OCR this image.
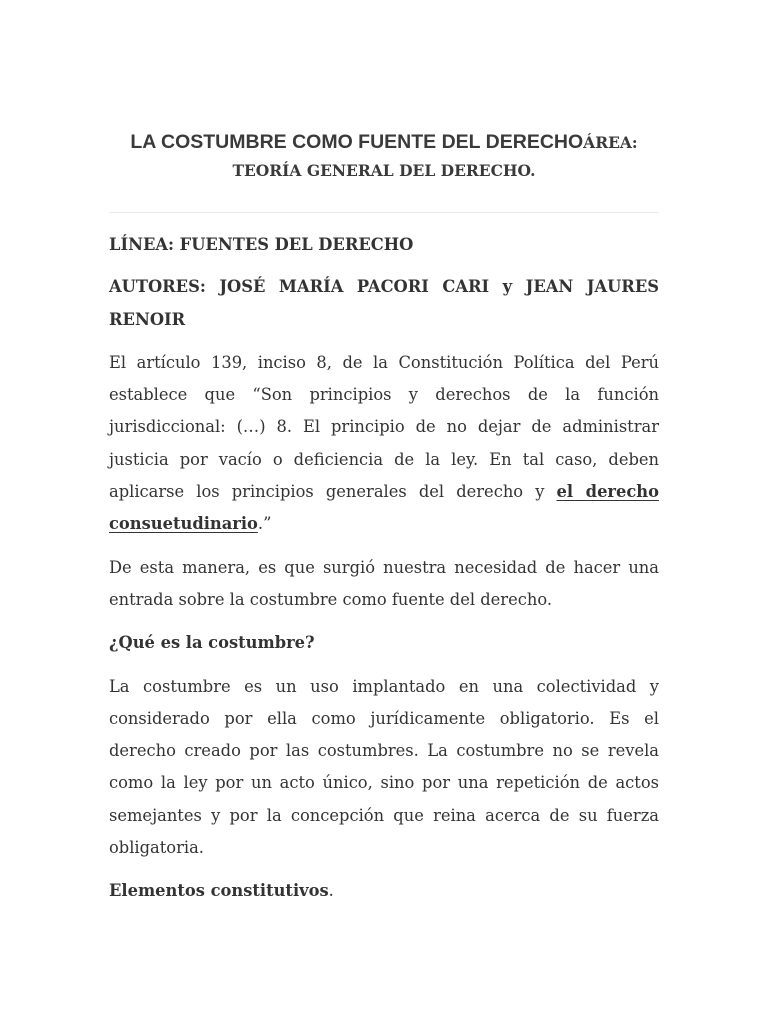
LA COSTUMBRE COMO FUENTE DEL DERECHOÁREA:
TEORÍA GENERAL DEL DERECHO.

LÍNEA: FUENTES DEL DERECHO

AUTORES: JOSÉ MARÍA PACORI CARI y JEAN JAURES RENOIR

El artículo 139, inciso 8, de la Constitución Política del Perú establece que “Son principios y derechos de la función jurisdiccional: (…) 8. El principio de no dejar de administrar justicia por vacío o deficiencia de la ley. En tal caso, deben aplicarse los principios generales del derecho y el derecho consuetudinario.”

De esta manera, es que surgió nuestra necesidad de hacer una entrada sobre la costumbre como fuente del derecho.

¿Qué es la costumbre?

La costumbre es un uso implantado en una colectividad y considerado por ella como jurídicamente obligatorio. Es el derecho creado por las costumbres. La costumbre no se revela como la ley por un acto único, sino por una repetición de actos semejantes y por la concepción que reina acerca de su fuerza obligatoria.

Elementos constitutivos.
